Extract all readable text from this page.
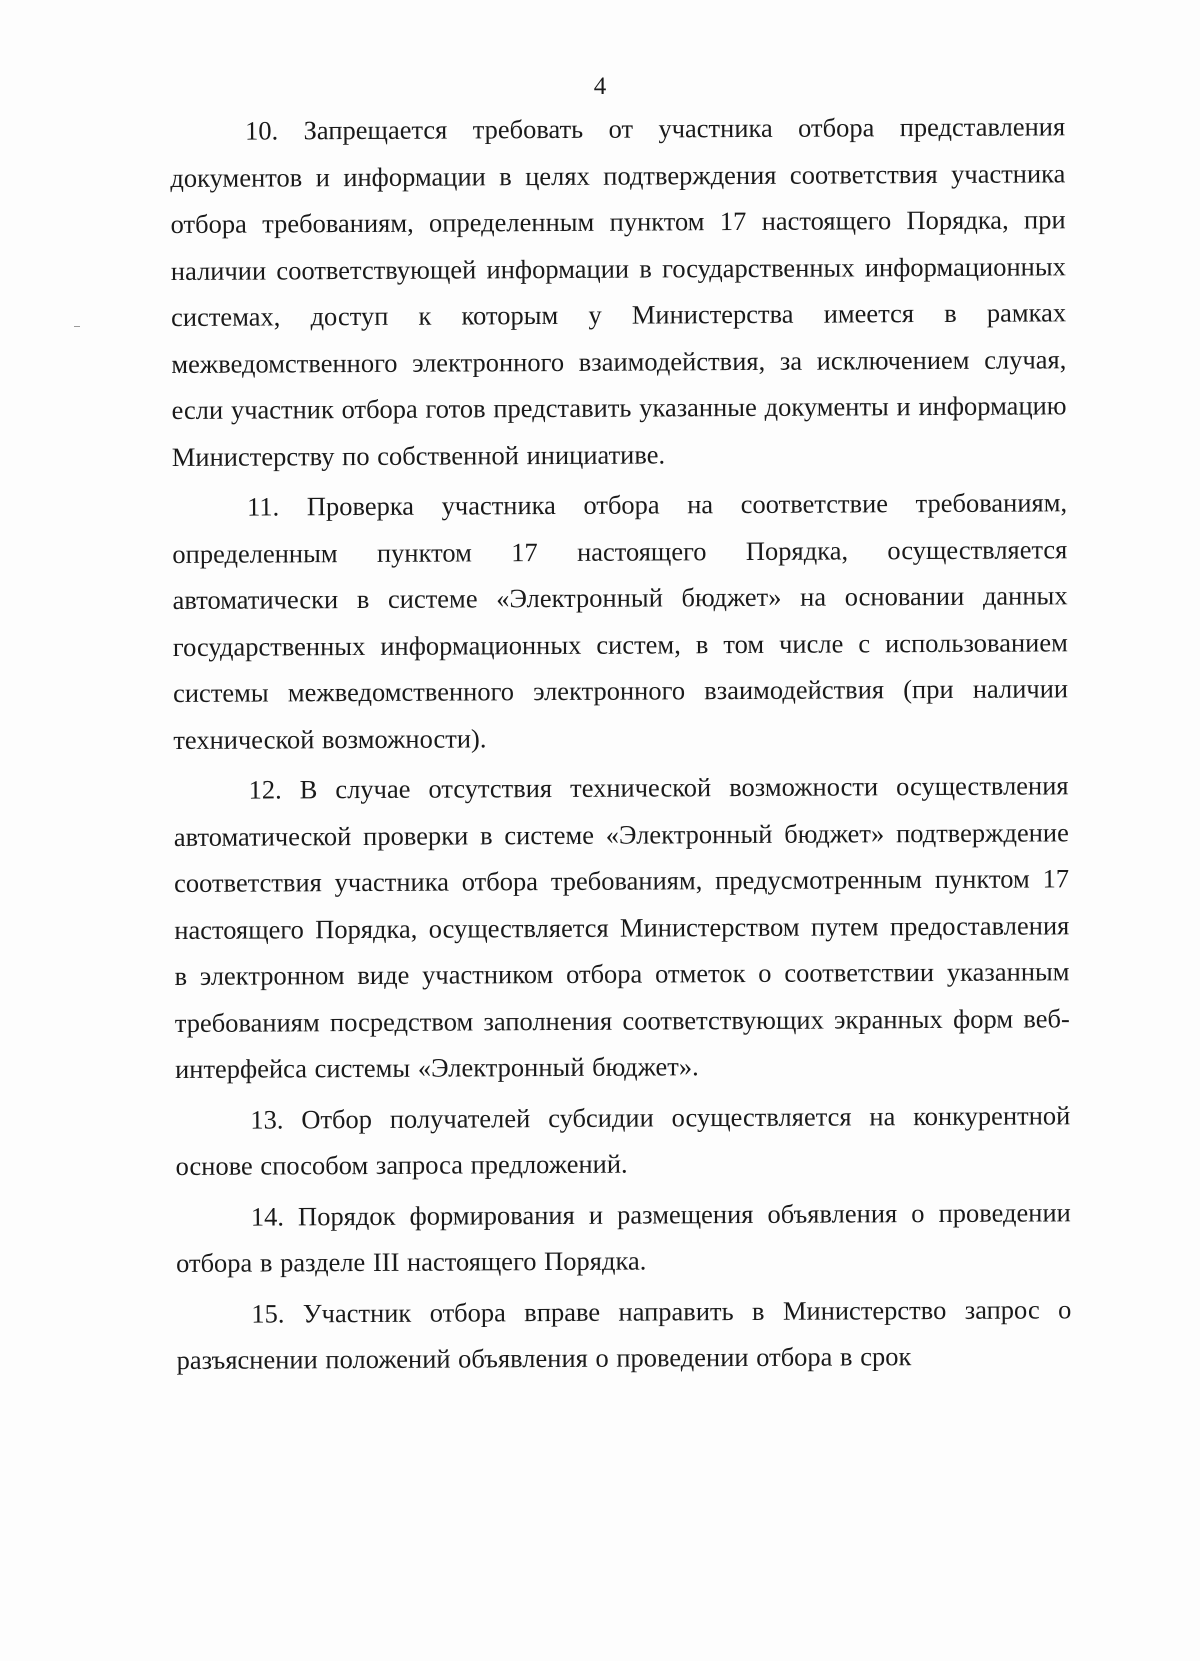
4

10. Запрещается требовать от участника отбора представления документов и информации в целях подтверждения соответствия участника отбора требованиям, определенным пунктом 17 настоящего Порядка, при наличии соответствующей информации в государственных информационных системах, доступ к которым у Министерства имеется в рамках межведомственного электронного взаимодействия, за исключением случая, если участник отбора готов представить указанные документы и информацию Министерству по собственной инициативе.

11. Проверка участника отбора на соответствие требованиям, определенным пунктом 17 настоящего Порядка, осуществляется автоматически в системе «Электронный бюджет» на основании данных государственных информационных систем, в том числе с использованием системы межведомственного электронного взаимодействия (при наличии технической возможности).

12. В случае отсутствия технической возможности осуществления автоматической проверки в системе «Электронный бюджет» подтверждение соответствия участника отбора требованиям, предусмотренным пунктом 17 настоящего Порядка, осуществляется Министерством путем предоставления в электронном виде участником отбора отметок о соответствии указанным требованиям посредством заполнения соответствующих экранных форм веб-интерфейса системы «Электронный бюджет».

13. Отбор получателей субсидии осуществляется на конкурентной основе способом запроса предложений.

14. Порядок формирования и размещения объявления о проведении отбора в разделе III настоящего Порядка.

15. Участник отбора вправе направить в Министерство запрос о разъяснении положений объявления о проведении отбора в срок
